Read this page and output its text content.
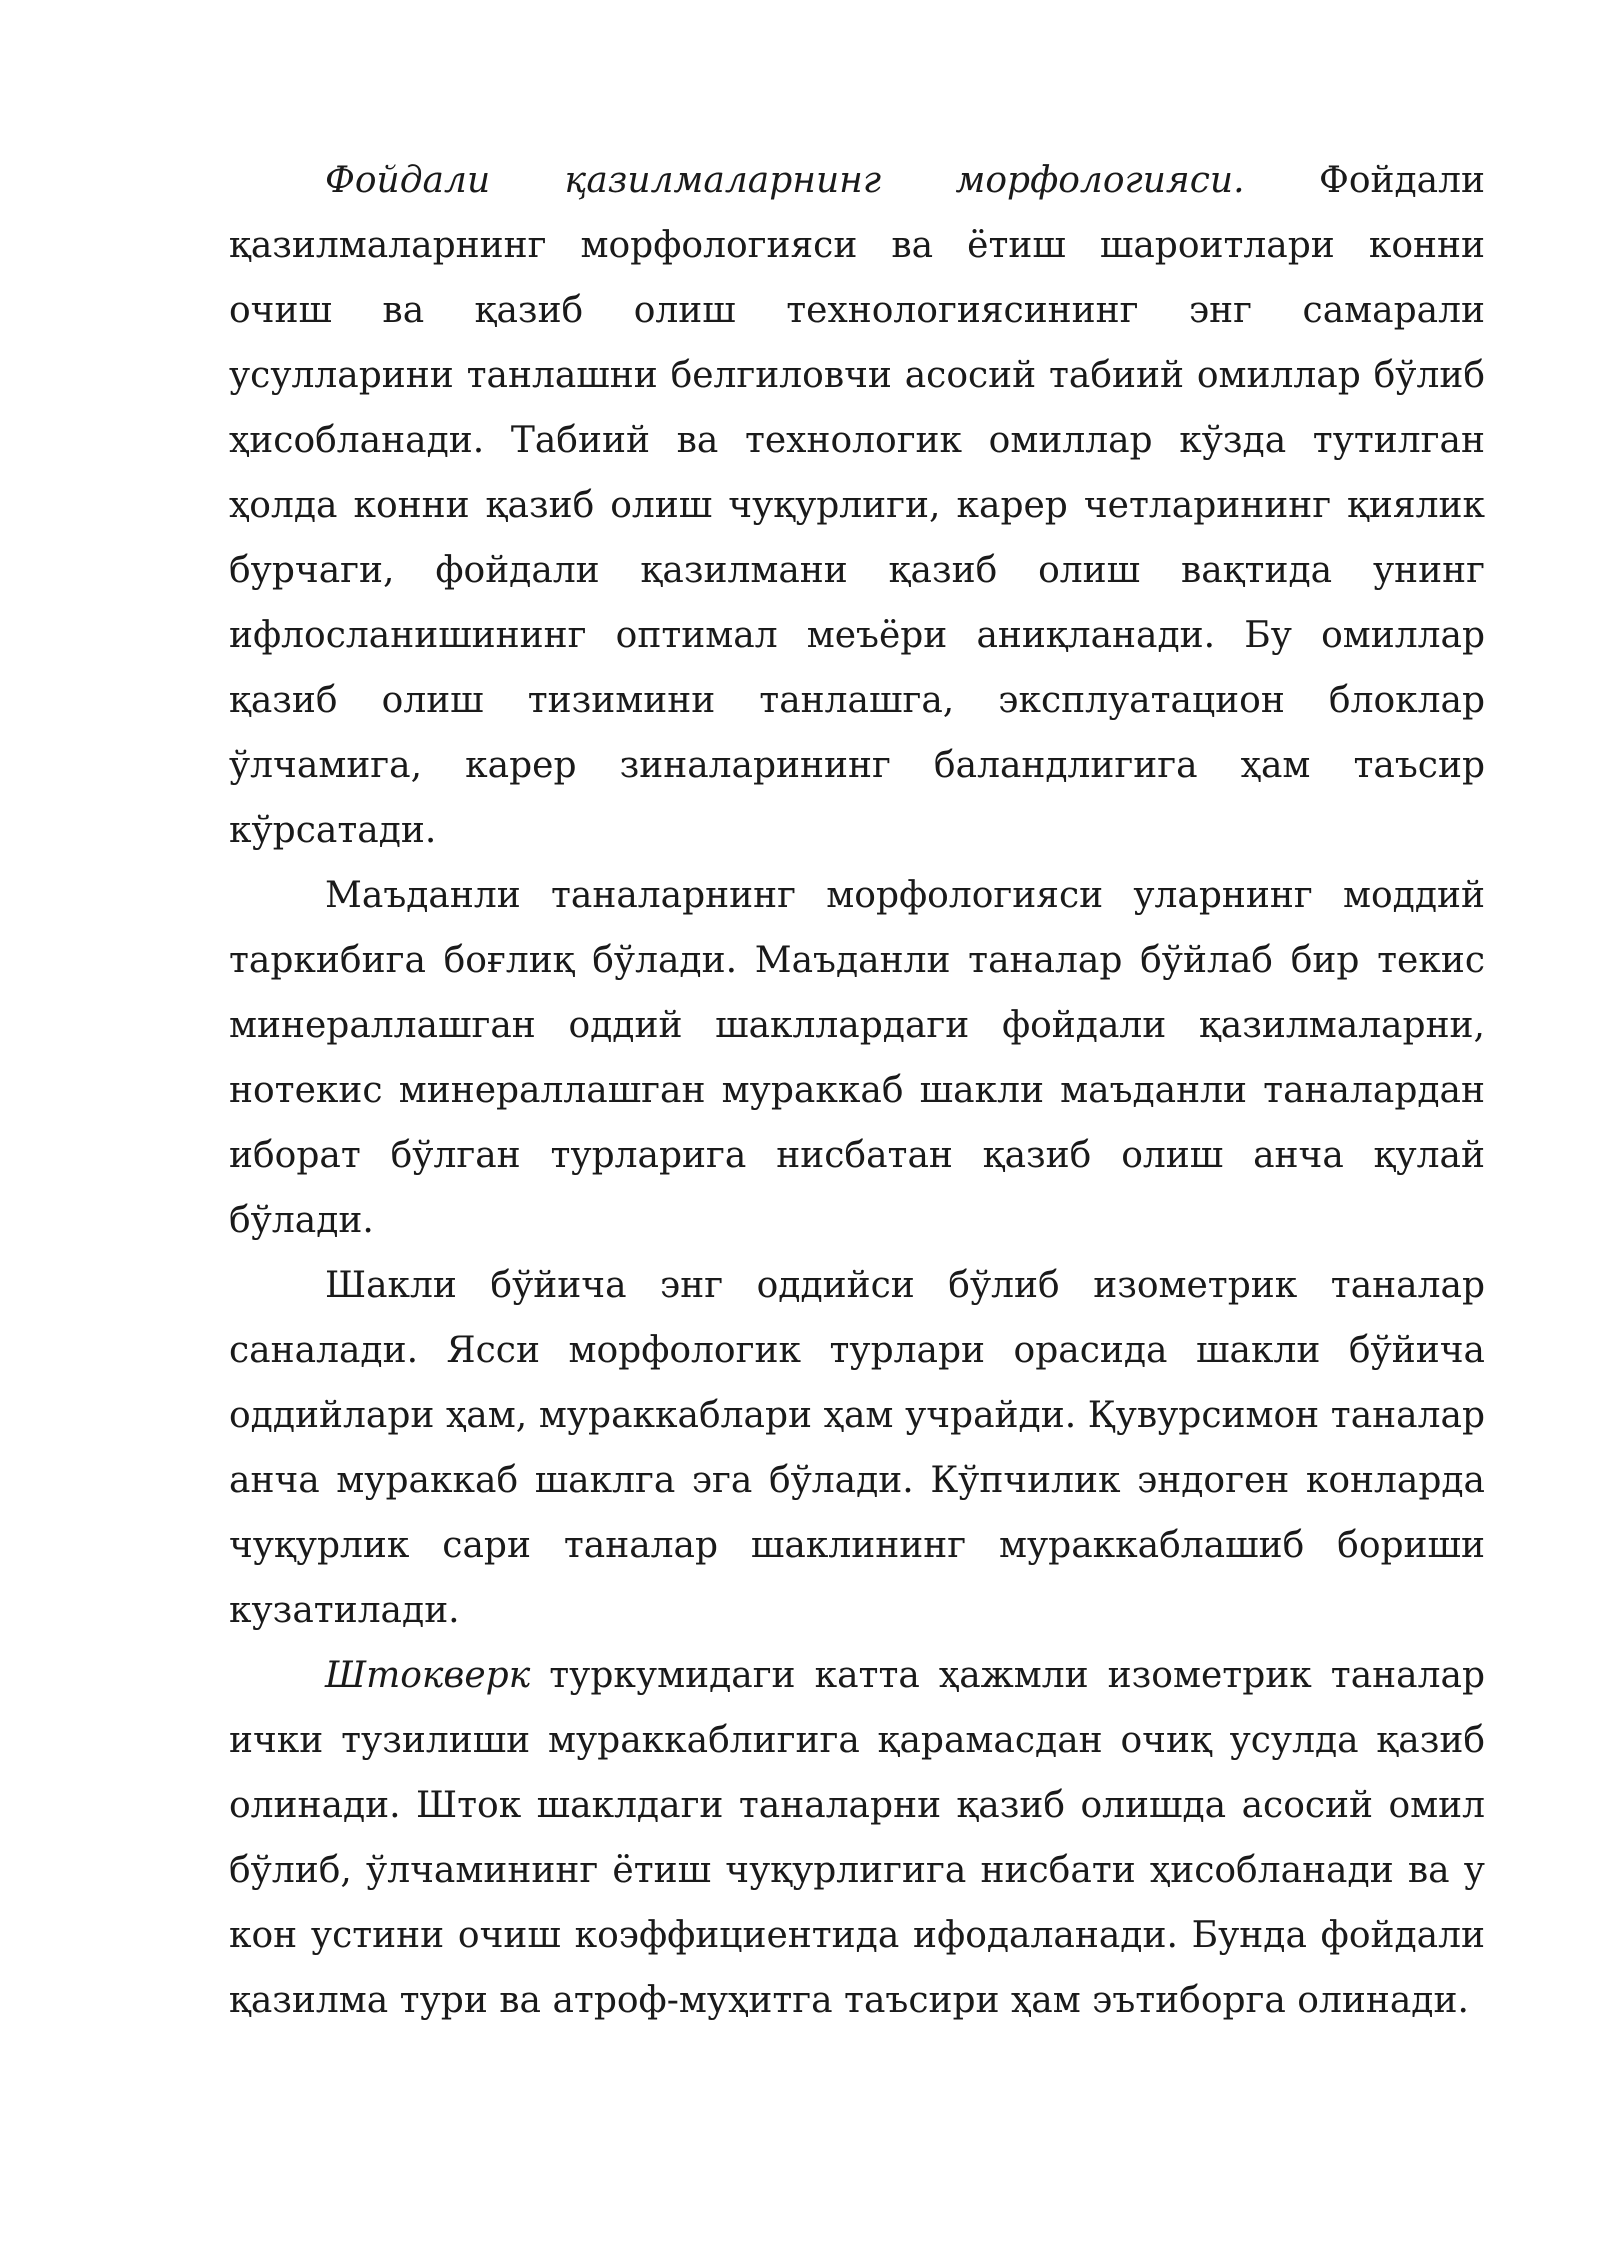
Фойдали қазилмаларнинг морфологияси. Фойдали қазилмаларнинг морфологияси ва ётиш шароитлари конни очиш ва қазиб олиш технологиясининг энг самарали усулларини танлашни белгиловчи асосий табиий омиллар бўлиб ҳисобланади. Табиий ва технологик омиллар кўзда тутилган ҳолда конни қазиб олиш чуқурлиги, карер четларининг қиялик бурчаги, фойдали қазилмани қазиб олиш вақтида унинг ифлосланишининг оптимал меъёри аниқланади. Бу омиллар қазиб олиш тизимини танлашга, эксплуатацион блоклар ўлчамига, карер зиналарининг баландлигига ҳам таъсир кўрсатади.

Маъданли таналарнинг морфологияси уларнинг моддий таркибига боғлиқ бўлади. Маъданли таналар бўйлаб бир текис минераллашган оддий шакллардаги фойдали қазилмаларни, нотекис минераллашган мураккаб шакли маъданли таналардан иборат бўлган турларига нисбатан қазиб олиш анча қулай бўлади.

Шакли бўйича энг оддийси бўлиб изометрик таналар саналади. Ясси морфологик турлари орасида шакли бўйича оддийлари ҳам, мураккаблари ҳам учрайди. Қувурсимон таналар анча мураккаб шаклга эга бўлади. Кўпчилик эндоген конларда чуқурлик сари таналар шаклининг мураккаблашиб бориши кузатилади.

Штокверк туркумидаги катта ҳажмли изометрик таналар ички тузилиши мураккаблигига қарамасдан очиқ усулда қазиб олинади. Шток шаклдаги таналарни қазиб олишда асосий омил бўлиб, ўлчамининг ётиш чуқурлигига нисбати ҳисобланади ва у кон устини очиш коэффициентида ифодаланади. Бунда фойдали қазилма тури ва атроф-муҳитга таъсири ҳам эътиборга олинади.
